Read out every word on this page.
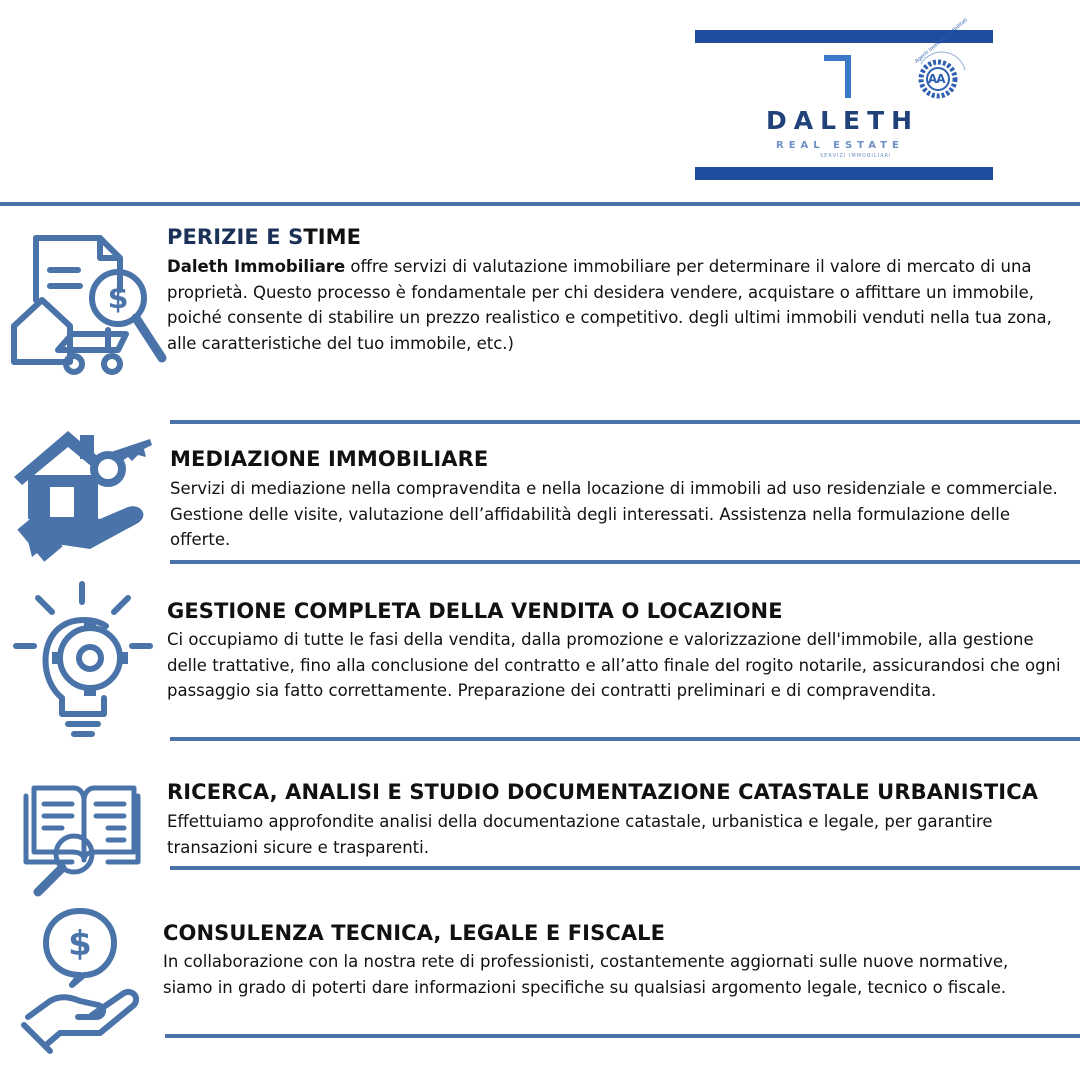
AA
Agenti Immobiliari Abilitati
DALETH
REAL ESTATE
SERVIZI IMMOBILIARI
$
PERIZIE E STIME
Daleth Immobiliare offre servizi di valutazione immobiliare per determinare il valore di mercato di una proprietà. Questo processo è fondamentale per chi desidera vendere, acquistare o affittare un immobile, poiché consente di stabilire un prezzo realistico e competitivo. degli ultimi immobili venduti nella tua zona, alle caratteristiche del tuo immobile, etc.)
MEDIAZIONE IMMOBILIARE
Servizi di mediazione nella compravendita e nella locazione di immobili ad uso residenziale e commerciale. Gestione delle visite, valutazione dell’affidabilità degli interessati. Assistenza nella formulazione delle offerte.
GESTIONE COMPLETA DELLA VENDITA O LOCAZIONE
Ci occupiamo di tutte le fasi della vendita, dalla promozione e valorizzazione dell'immobile, alla gestione delle trattative, fino alla conclusione del contratto e all’atto finale del rogito notarile, assicurandosi che ogni passaggio sia fatto correttamente. Preparazione dei contratti preliminari e di compravendita.
RICERCA, ANALISI E STUDIO DOCUMENTAZIONE CATASTALE URBANISTICA
Effettuiamo approfondite analisi della documentazione catastale, urbanistica e legale, per garantire transazioni sicure e trasparenti.
$	CONSULENZA TECNICA, LEGALE E FISCALE
In collaborazione con la nostra rete di professionisti, costantemente aggiornati sulle nuove normative, siamo in grado di poterti dare informazioni specifiche su qualsiasi argomento legale, tecnico o fiscale.
